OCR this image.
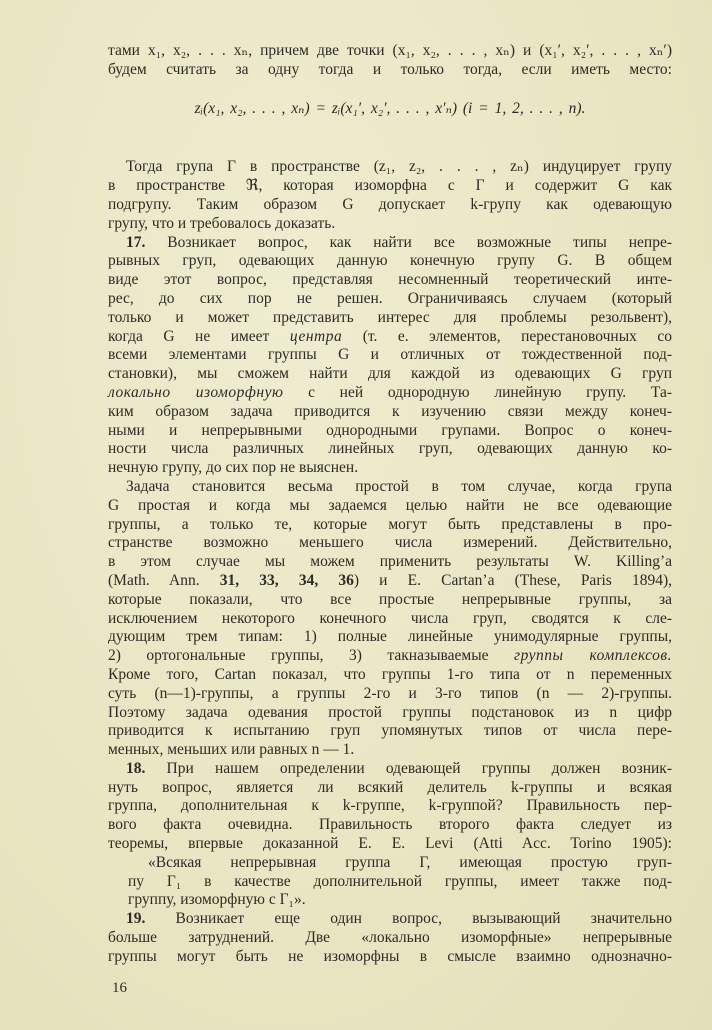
тами x₁, x₂, . . . xₙ, причем две точки (x₁, x₂, . . . , xₙ) и (x₁′, x₂′, . . . , xₙ′)
будем считать за одну тогда и только тогда, если иметь место:
zᵢ(x₁, x₂, . . . , xₙ) = zᵢ(x₁′, x₂′, . . . , x′ₙ) (i = 1, 2, . . . , n).
Тогда група Γ в пространстве (z₁, z₂, . . . , zₙ) индуцирует групу
в пространстве ℜ, которая изоморфна с Γ и содержит G как
подгрупу. Таким образом G допускает k-групу как одевающую
групу, что и требовалось доказать.
17. Возникает вопрос, как найти все возможные типы непре-
рывных груп, одевающих данную конечную групу G. В общем
виде этот вопрос, представляя несомненный теоретический инте-
рес, до сих пор не решен. Ограничиваясь случаем (который
только и может представить интерес для проблемы резольвент),
когда G не имеет центра (т. е. элементов, перестановочных со
всеми элементами группы G и отличных от тождественной под-
становки), мы сможем найти для каждой из одевающих G груп
локально изоморфную с ней однородную линейную групу. Та-
ким образом задача приводится к изучению связи между конеч-
ными и непрерывными однородными групами. Вопрос о конеч-
ности числа различных линейных груп, одевающих данную ко-
нечную групу, до сих пор не выяснен.
Задача становится весьма простой в том случае, когда група
G простая и когда мы задаемся целью найти не все одевающие
группы, а только те, которые могут быть представлены в про-
странстве возможно меньшего числа измерений. Действительно,
в этом случае мы можем применить результаты W. Killing’a
(Math. Ann. 31, 33, 34, 36) и E. Cartan’a (These, Paris 1894),
которые показали, что все простые непрерывные группы, за
исключением некоторого конечного числа груп, сводятся к сле-
дующим трем типам: 1) полные линейные унимодулярные группы,
2) ортогональные группы, 3) такназываемые группы комплексов.
Кроме того, Cartan показал, что группы 1-го типа от n переменных
суть (n—1)-группы, а группы 2-го и 3-го типов (n — 2)-группы.
Поэтому задача одевания простой группы подстановок из n цифр
приводится к испытанию груп упомянутых типов от числа пере-
менных, меньших или равных n — 1.
18. При нашем определении одевающей группы должен возник-
нуть вопрос, является ли всякий делитель k-группы и всякая
группа, дополнительная к k-группе, k-группой? Правильность пер-
вого факта очевидна. Правильность второго факта следует из
теоремы, впервые доказанной E. E. Levi (Atti Acc. Torino 1905):
«Всякая непрерывная группа Γ, имеющая простую груп-
пу Γ₁ в качестве дополнительной группы, имеет также под-
группу, изоморфную с Γ₁».
19. Возникает еще один вопрос, вызывающий значительно
больше затруднений. Две «локально изоморфные» непрерывные
группы могут быть не изоморфны в смысле взаимно однозначно-
16
